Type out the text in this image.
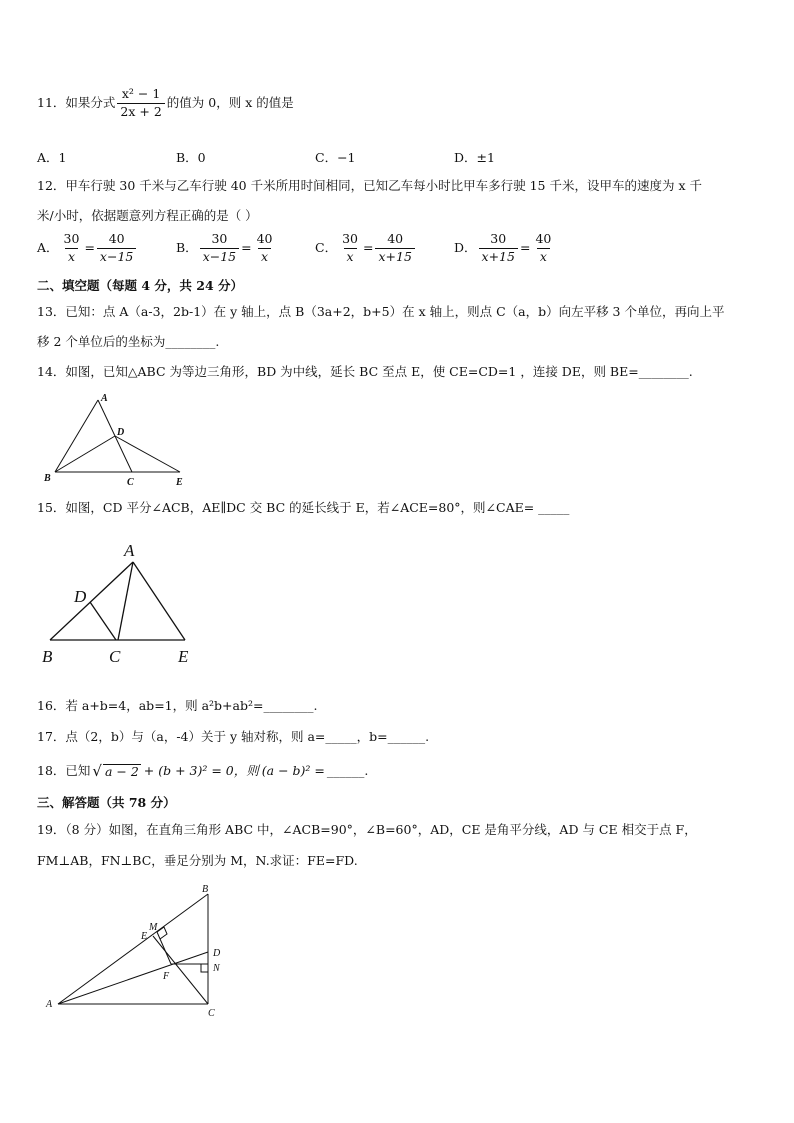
11．如果分式 $\frac{\text{x² − 1}}{2x + 2}$ 的值为 0，则 x 的值是
A．1	B．0	C．−1	D．±1
12．甲车行驶 30 千米与乙车行驶 40 千米所用时间相同，已知乙车每小时比甲车多行驶 15 千米，设甲车的速度为 x 千
米/小时，依据题意列方程正确的是（ ）
A． $\frac{30}{x} = \frac{40}{x-15}$	B． $\frac{30}{x-15} = \frac{40}{x}$	C． $\frac{30}{x} = \frac{40}{x+15}$	D． $\frac{30}{x+15} = \frac{40}{x}$
二、填空题（每题 4 分，共 24 分）
13．已知：点 A（a-3，2b-1）在 y 轴上，点 B（3a+2，b+5）在 x 轴上，则点 C（a，b）向左平移 3 个单位，再向上平
移 2 个单位后的坐标为________.
14．如图，已知△ABC 为等边三角形，BD 为中线，延长 BC 至点 E，使 CE=CD=1 ，连接 DE，则 BE=________.
A
D
B	C	E
15．如图，CD 平分∠ACB，AE∥DC 交 BC 的延长线于 E，若∠ACE=80°，则∠CAE= _____
A
D
B	C	E
16．若 a+b=4，ab=1，则 a²b+ab²=________.
17．点（2，b）与（a，-4）关于 y 轴对称，则 a=_____，b=______.
18．已知 √ a − 2 + (b + 3)² = 0，则 (a − b)² = ______.
三、解答题（共 78 分）
19．（8 分）如图，在直角三角形 ABC 中，∠ACB=90°，∠B=60°，AD，CE 是角平分线，AD 与 CE 相交于点 F，
FM⊥AB，FN⊥BC，垂足分别为 M，N.求证：FE=FD.
B
M
E
D
N
F
A
C
